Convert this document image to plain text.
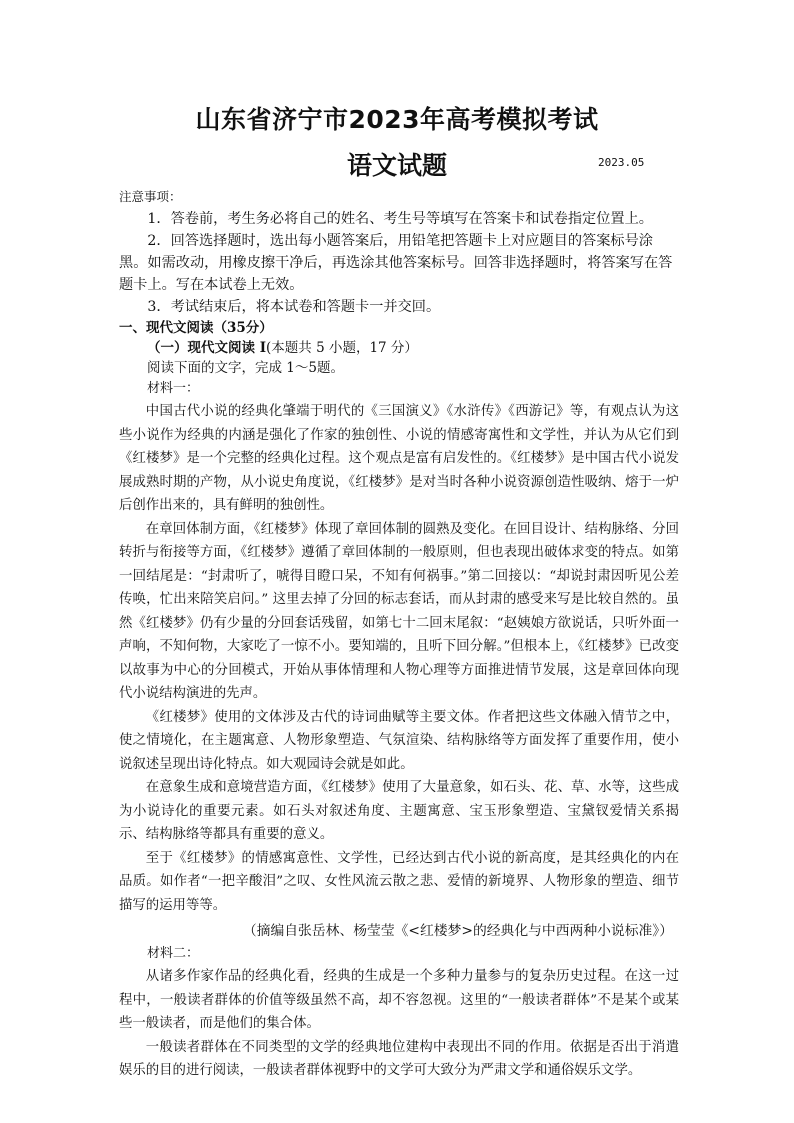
山东省济宁市2023年高考模拟考试
语文试题	2023.05

注意事项：

1．答卷前，考生务必将自己的姓名、考生号等填写在答案卡和试卷指定位置上。

2．回答选择题时，选出每小题答案后，用铅笔把答题卡上对应题目的答案标号涂黑。如需改动，用橡皮擦干净后，再选涂其他答案标号。回答非选择题时，将答案写在答题卡上。写在本试卷上无效。

3．考试结束后，将本试卷和答题卡一并交回。

一、现代文阅读（35分）

（一）现代文阅读 I(本题共 5 小题，17 分）

阅读下面的文字，完成 1～5题。

材料一：

中国古代小说的经典化肇端于明代的《三国演义》《水浒传》《西游记》等，有观点认为这些小说作为经典的内涵是强化了作家的独创性、小说的情感寄寓性和文学性，并认为从它们到《红楼梦》是一个完整的经典化过程。这个观点是富有启发性的。《红楼梦》是中国古代小说发展成熟时期的产物，从小说史角度说，《红楼梦》是对当时各种小说资源创造性吸纳、熔于一炉后创作出来的，具有鲜明的独创性。

在章回体制方面，《红楼梦》体现了章回体制的圆熟及变化。在回目设计、结构脉络、分回转折与衔接等方面，《红楼梦》遵循了章回体制的一般原则，但也表现出破体求变的特点。如第一回结尾是：“封肃听了，唬得目瞪口呆，不知有何祸事。”第二回接以：“却说封肃因听见公差传唤，忙出来陪笑启问。” 这里去掉了分回的标志套话，而从封肃的感受来写是比较自然的。虽然《红楼梦》仍有少量的分回套话残留，如第七十二回末尾叙：“赵姨娘方欲说话，只听外面一声响，不知何物，大家吃了一惊不小。要知端的，且听下回分解。”但根本上，《红楼梦》已改变以故事为中心的分回模式，开始从事体情理和人物心理等方面推进情节发展，这是章回体向现代小说结构演进的先声。

《红楼梦》使用的文体涉及古代的诗词曲赋等主要文体。作者把这些文体融入情节之中，使之情境化，在主题寓意、人物形象塑造、气氛渲染、结构脉络等方面发挥了重要作用，使小说叙述呈现出诗化特点。如大观园诗会就是如此。

在意象生成和意境营造方面，《红楼梦》使用了大量意象，如石头、花、草、水等，这些成为小说诗化的重要元素。如石头对叙述角度、主题寓意、宝玉形象塑造、宝黛钗爱情关系揭示、结构脉络等都具有重要的意义。

至于《红楼梦》的情感寓意性、文学性，已经达到古代小说的新高度，是其经典化的内在品质。如作者“一把辛酸泪”之叹、女性风流云散之悲、爱情的新境界、人物形象的塑造、细节描写的运用等等。

（摘编自张岳林、杨莹莹《<红楼梦>的经典化与中西两种小说标准》）

材料二：

从诸多作家作品的经典化看，经典的生成是一个多种力量参与的复杂历史过程。在这一过程中，一般读者群体的价值等级虽然不高，却不容忽视。这里的“一般读者群体”不是某个或某些一般读者，而是他们的集合体。

一般读者群体在不同类型的文学的经典地位建构中表现出不同的作用。依据是否出于消遣娱乐的目的进行阅读，一般读者群体视野中的文学可大致分为严肃文学和通俗娱乐文学。
